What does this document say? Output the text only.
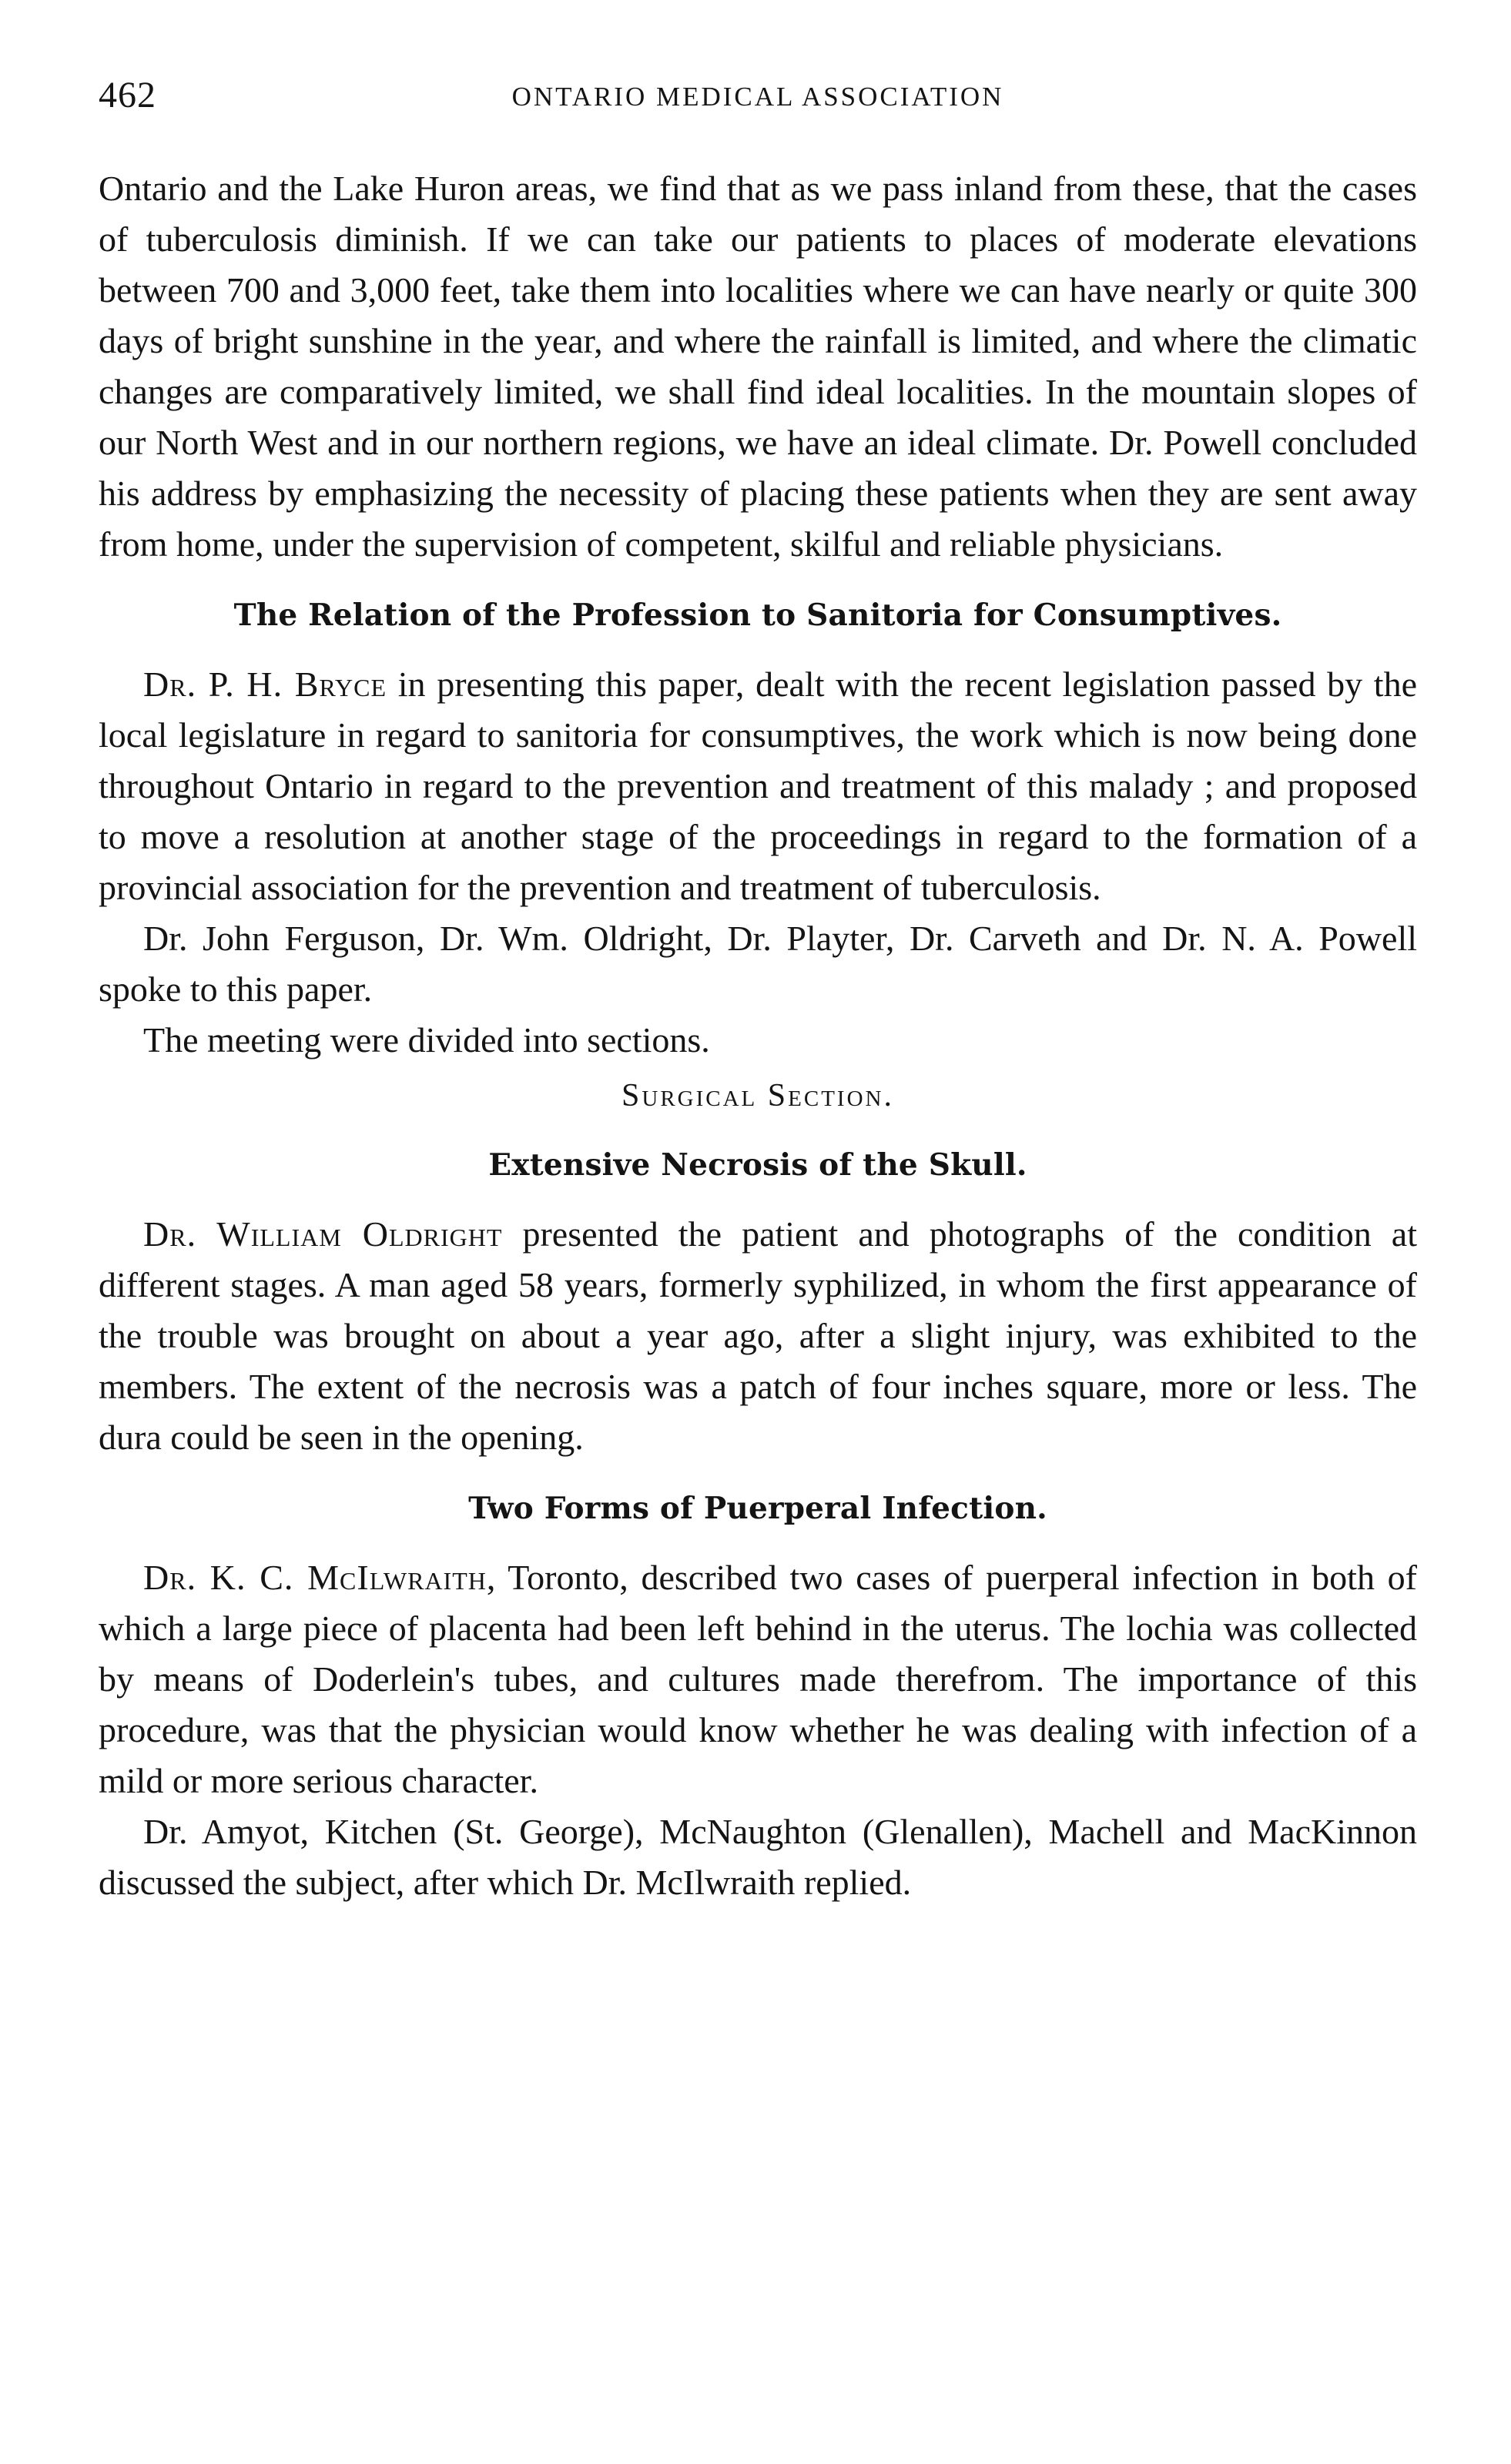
462	ONTARIO MEDICAL ASSOCIATION

Ontario and the Lake Huron areas, we find that as we pass inland from these, that the cases of tuberculosis diminish. If we can take our patients to places of moderate elevations between 700 and 3,000 feet, take them into localities where we can have nearly or quite 300 days of bright sunshine in the year, and where the rainfall is limited, and where the climatic changes are comparatively limited, we shall find ideal localities. In the mountain slopes of our North West and in our northern regions, we have an ideal climate. Dr. Powell concluded his address by emphasizing the necessity of placing these patients when they are sent away from home, under the supervision of competent, skilful and reliable physicians.

The Relation of the Profession to Sanitoria for Consumptives.

Dr. P. H. Bryce in presenting this paper, dealt with the recent legislation passed by the local legislature in regard to sanitoria for consumptives, the work which is now being done throughout Ontario in regard to the prevention and treatment of this malady ; and proposed to move a resolution at another stage of the proceedings in regard to the formation of a provincial association for the prevention and treatment of tuberculosis.

Dr. John Ferguson, Dr. Wm. Oldright, Dr. Playter, Dr. Carveth and Dr. N. A. Powell spoke to this paper.

The meeting were divided into sections.

Surgical Section.
Extensive Necrosis of the Skull.

Dr. William Oldright presented the patient and photographs of the condition at different stages. A man aged 58 years, formerly syphilized, in whom the first appearance of the trouble was brought on about a year ago, after a slight injury, was exhibited to the members. The extent of the necrosis was a patch of four inches square, more or less. The dura could be seen in the opening.

Two Forms of Puerperal Infection.

Dr. K. C. McIlwraith, Toronto, described two cases of puerperal infection in both of which a large piece of placenta had been left behind in the uterus. The lochia was collected by means of Doderlein's tubes, and cultures made therefrom. The importance of this procedure, was that the physician would know whether he was dealing with infection of a mild or more serious character.

Dr. Amyot, Kitchen (St. George), McNaughton (Glenallen), Machell and MacKinnon discussed the subject, after which Dr. McIlwraith replied.
